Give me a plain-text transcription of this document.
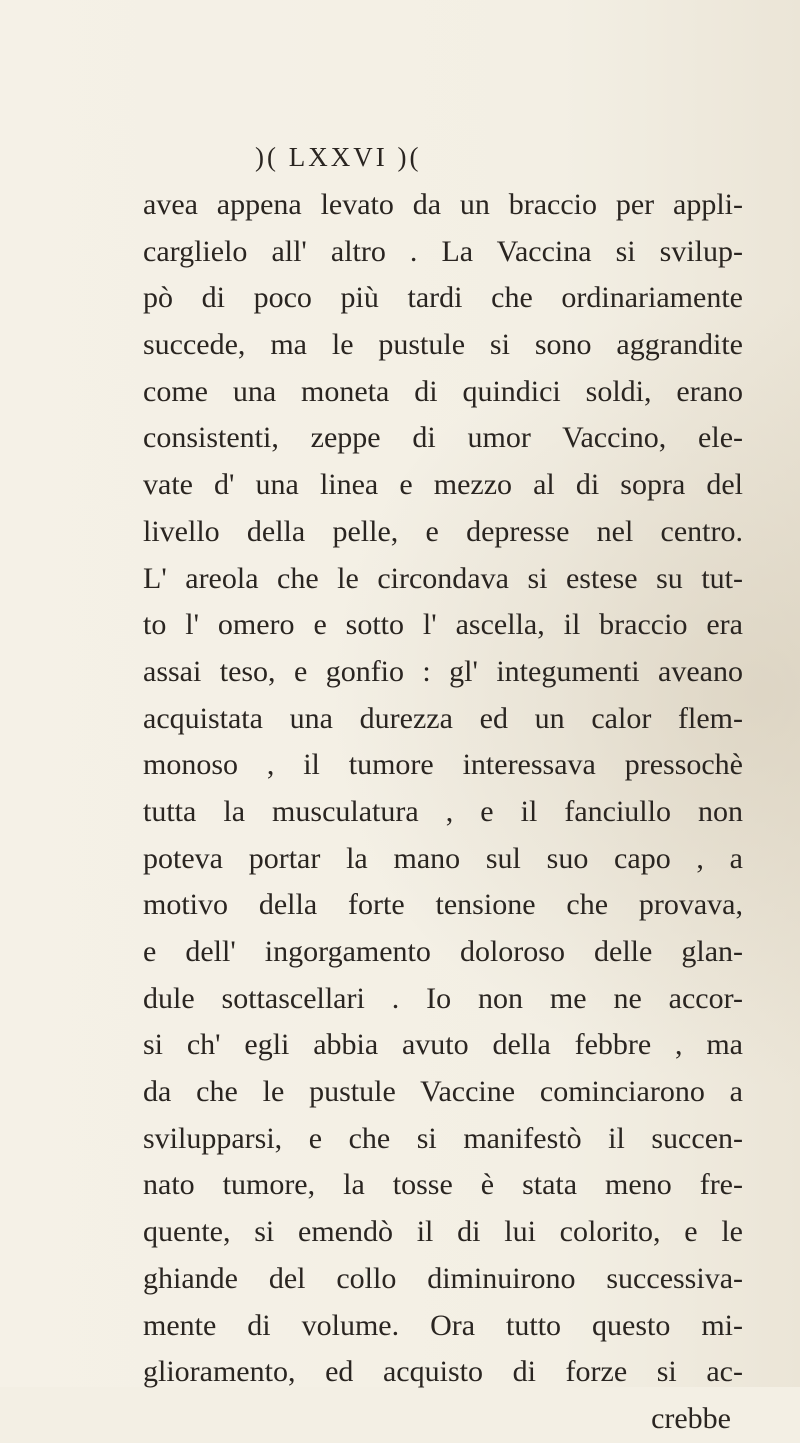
)( LXXVI )(
avea appena levato da un braccio per appli-
carglielo all' altro . La Vaccina si svilup-
pò di poco più tardi che ordinariamente
succede, ma le pustule si sono aggrandite
come una moneta di quindici soldi, erano
consistenti, zeppe di umor Vaccino, ele-
vate d' una linea e mezzo al di sopra del
livello della pelle, e depresse nel centro.
L' areola che le circondava si estese su tut-
to l' omero e sotto l' ascella, il braccio era
assai teso, e gonfio : gl' integumenti aveano
acquistata una durezza ed un calor flem-
monoso , il tumore interessava pressochè
tutta la musculatura , e il fanciullo non
poteva portar la mano sul suo capo , a
motivo della forte tensione che provava,
e dell' ingorgamento doloroso delle glan-
dule sottascellari . Io non me ne accor-
si ch' egli abbia avuto della febbre , ma
da che le pustule Vaccine cominciarono a
svilupparsi, e che si manifestò il succen-
nato tumore, la tosse è stata meno fre-
quente, si emendò il di lui colorito, e le
ghiande del collo diminuirono successiva-
mente di volume. Ora tutto questo mi-
glioramento, ed acquisto di forze si ac-
crebbe
